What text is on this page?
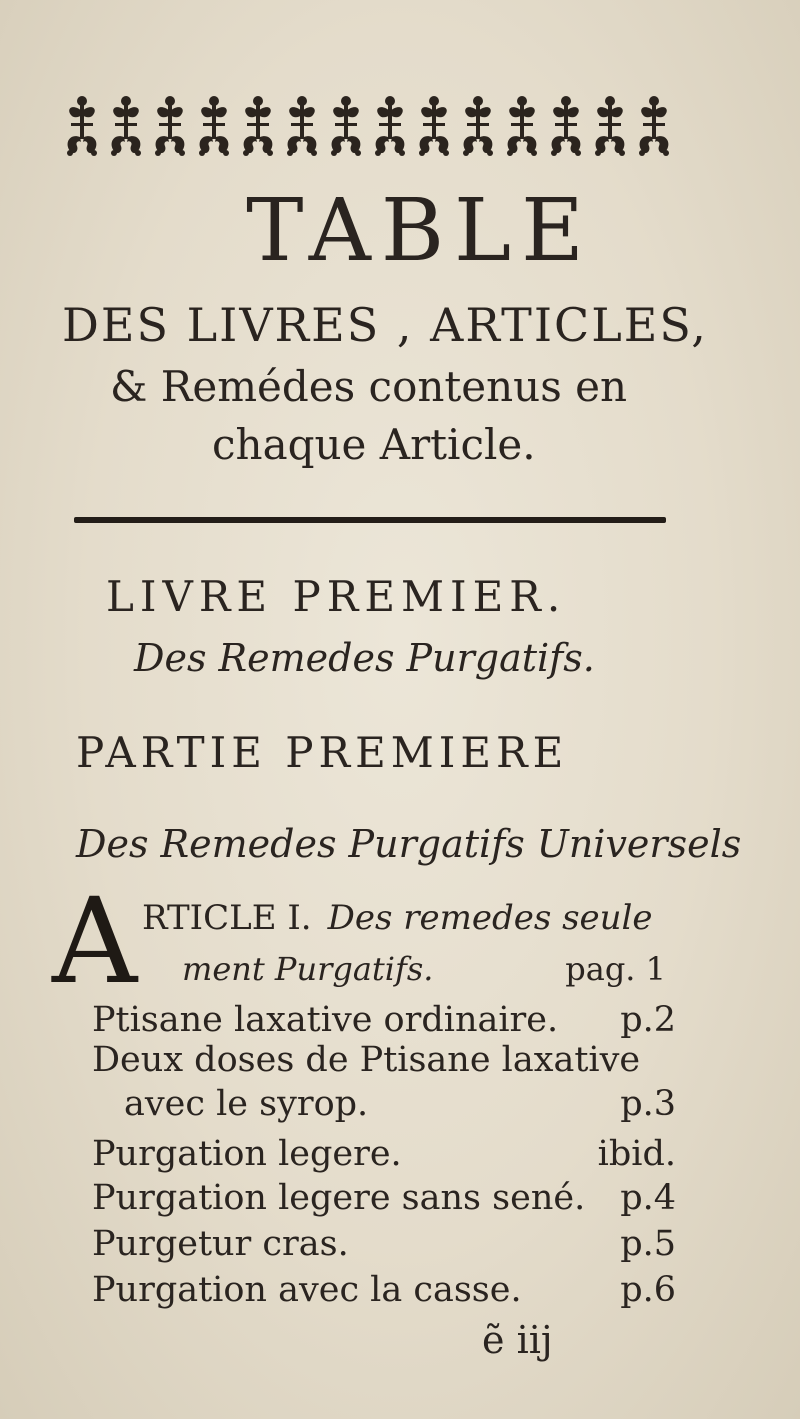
TABLE
DES LIVRES , ARTICLES,
& Remédes contenus en
chaque Article.
LIVRE PREMIER.
Des Remedes Purgatifs.
PARTIE PREMIERE
Des Remedes Purgatifs Universels
A RTICLE I. Des remedes seule
ment Purgatifs.	pag. 1
Ptisane laxative ordinaire. p.2
Deux doses de Ptisane laxative
avec le syrop.	p.3
Purgation legere.	ibid.
Purgation legere sans sené. p.4
Purgetur cras.	p.5
Purgation avec la casse.	p.6
ẽ iij
